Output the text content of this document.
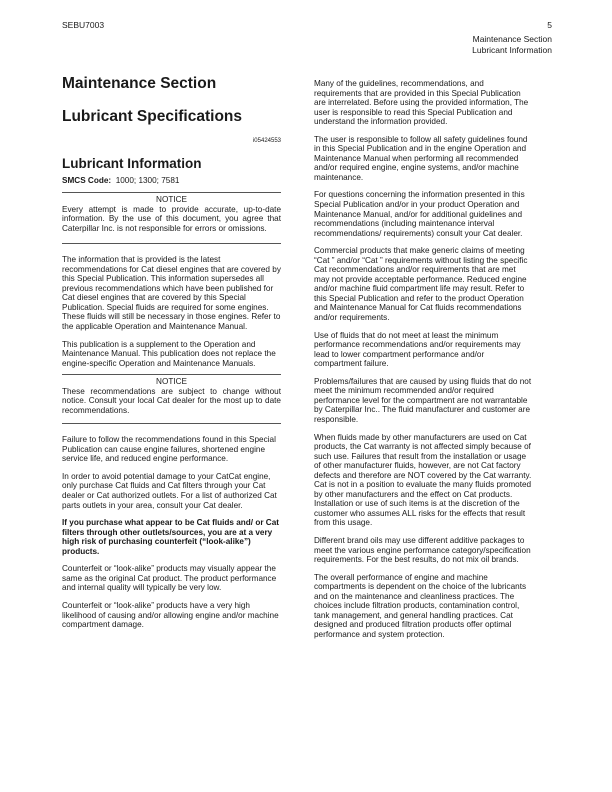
SEBU7003	5
Maintenance Section
Lubricant Information
Maintenance Section
Lubricant Specifications
i05424553
Lubricant Information
SMCS Code: 1000; 1300; 7581
NOTICE

Every attempt is made to provide accurate, up-to-date information. By the use of this document, you agree that Caterpillar Inc. is not responsible for errors or omissions.

The information that is provided is the latest recommendations for Cat diesel engines that are covered by this Special Publication. This information supersedes all previous recommendations which have been published for Cat diesel engines that are covered by this Special Publication. Special fluids are required for some engines. These fluids will still be necessary in those engines. Refer to the applicable Operation and Maintenance Manual.

This publication is a supplement to the Operation and Maintenance Manual. This publication does not replace the engine-specific Operation and Maintenance Manuals.

NOTICE

These recommendations are subject to change without notice. Consult your local Cat dealer for the most up to date recommendations.

Failure to follow the recommendations found in this Special Publication can cause engine failures, shortened engine service life, and reduced engine performance.

In order to avoid potential damage to your CatCat engine, only purchase Cat fluids and Cat filters through your Cat dealer or Cat authorized outlets. For a list of authorized Cat parts outlets in your area, consult your Cat dealer.

If you purchase what appear to be Cat fluids and/ or Cat filters through other outlets/sources, you are at a very high risk of purchasing counterfeit (“look-alike”) products.

Counterfeit or “look-alike” products may visually appear the same as the original Cat product. The product performance and internal quality will typically be very low.

Counterfeit or “look-alike” products have a very high likelihood of causing and/or allowing engine and/or machine compartment damage.

Many of the guidelines, recommendations, and requirements that are provided in this Special Publication are interrelated. Before using the provided information, The user is responsible to read this Special Publication and understand the information provided.

The user is responsible to follow all safety guidelines found in this Special Publication and in the engine Operation and Maintenance Manual when performing all recommended and/or required engine, engine systems, and/or machine maintenance.

For questions concerning the information presented in this Special Publication and/or in your product Operation and Maintenance Manual, and/or for additional guidelines and recommendations (including maintenance interval recommendations/ requirements) consult your Cat dealer.

Commercial products that make generic claims of meeting “Cat ” and/or “Cat ” requirements without listing the specific Cat recommendations and/or requirements that are met may not provide acceptable performance. Reduced engine and/or machine fluid compartment life may result. Refer to this Special Publication and refer to the product Operation and Maintenance Manual for Cat fluids recommendations and/or requirements.

Use of fluids that do not meet at least the minimum performance recommendations and/or requirements may lead to lower compartment performance and/or compartment failure.

Problems/failures that are caused by using fluids that do not meet the minimum recommended and/or required performance level for the compartment are not warrantable by Caterpillar Inc.. The fluid manufacturer and customer are responsible.

When fluids made by other manufacturers are used on Cat products, the Cat warranty is not affected simply because of such use. Failures that result from the installation or usage of other manufacturer fluids, however, are not Cat factory defects and therefore are NOT covered by the Cat warranty. Cat is not in a position to evaluate the many fluids promoted by other manufacturers and the effect on Cat products. Installation or use of such items is at the discretion of the customer who assumes ALL risks for the effects that result from this usage.

Different brand oils may use different additive packages to meet the various engine performance category/specification requirements. For the best results, do not mix oil brands.

The overall performance of engine and machine compartments is dependent on the choice of the lubricants and on the maintenance and cleanliness practices. The choices include filtration products, contamination control, tank management, and general handling practices. Cat designed and produced filtration products offer optimal performance and system protection.
